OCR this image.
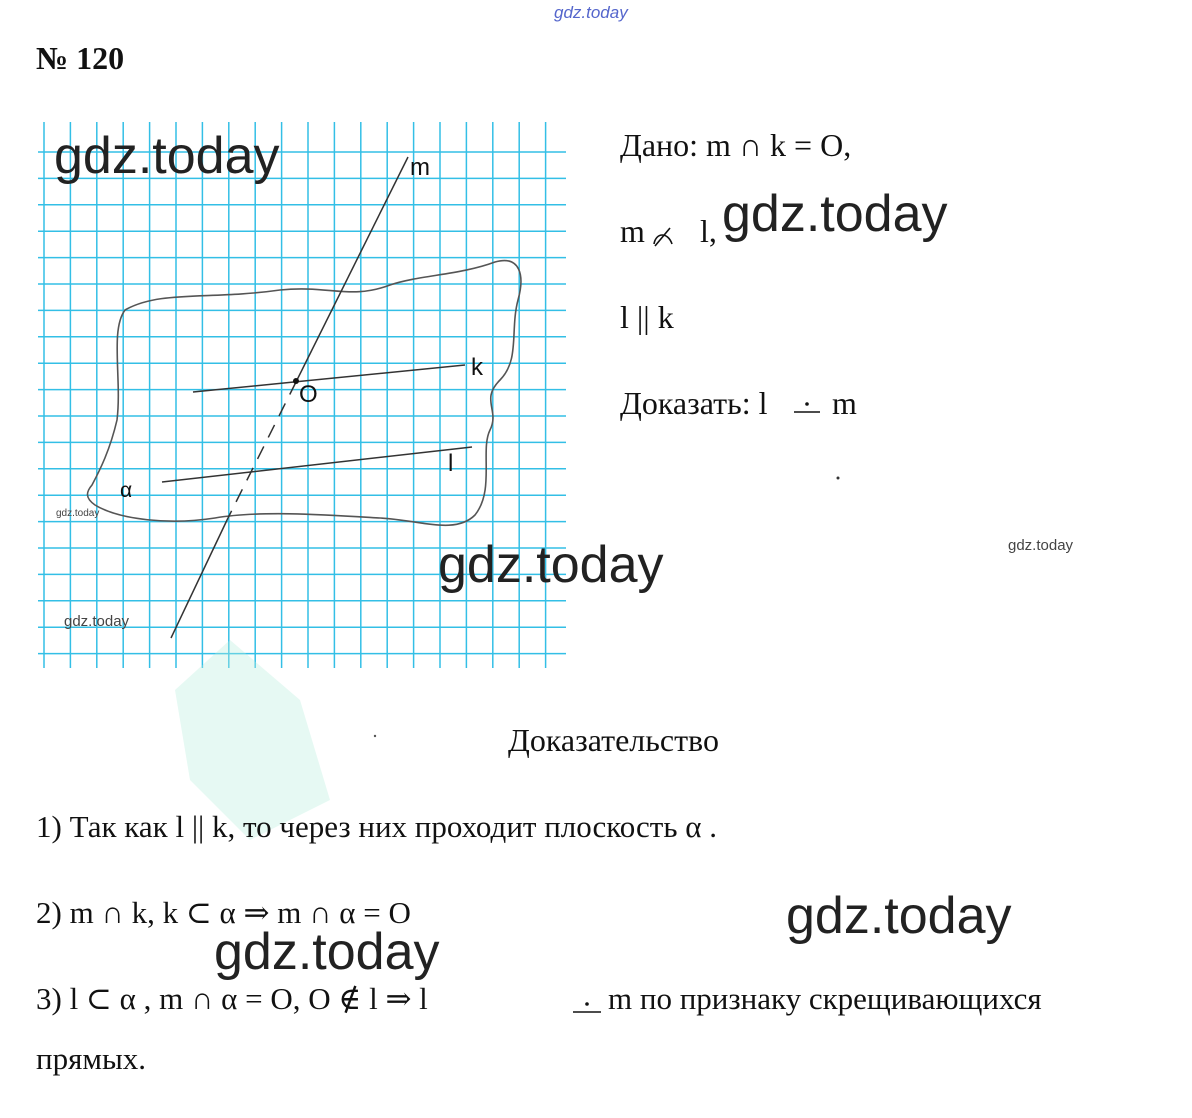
gdz.today
№ 120
m
k
O
l
α
gdz.today
gdz.today
gdz.today
Дано: m ∩ k = O,
m l, gdz.today
l || k
Доказать: l m
gdz.today
gdz.today
Доказательство
1) Так как l || k, то через них проходит плоскость α .
2) m ∩ k, k ⊂ α ⇒ m ∩ α = O	gdz.today
gdz.today
3) l ⊂ α , m ∩ α = O, O ∉ l ⇒ l	m по признаку скрещивающихся
прямых.
